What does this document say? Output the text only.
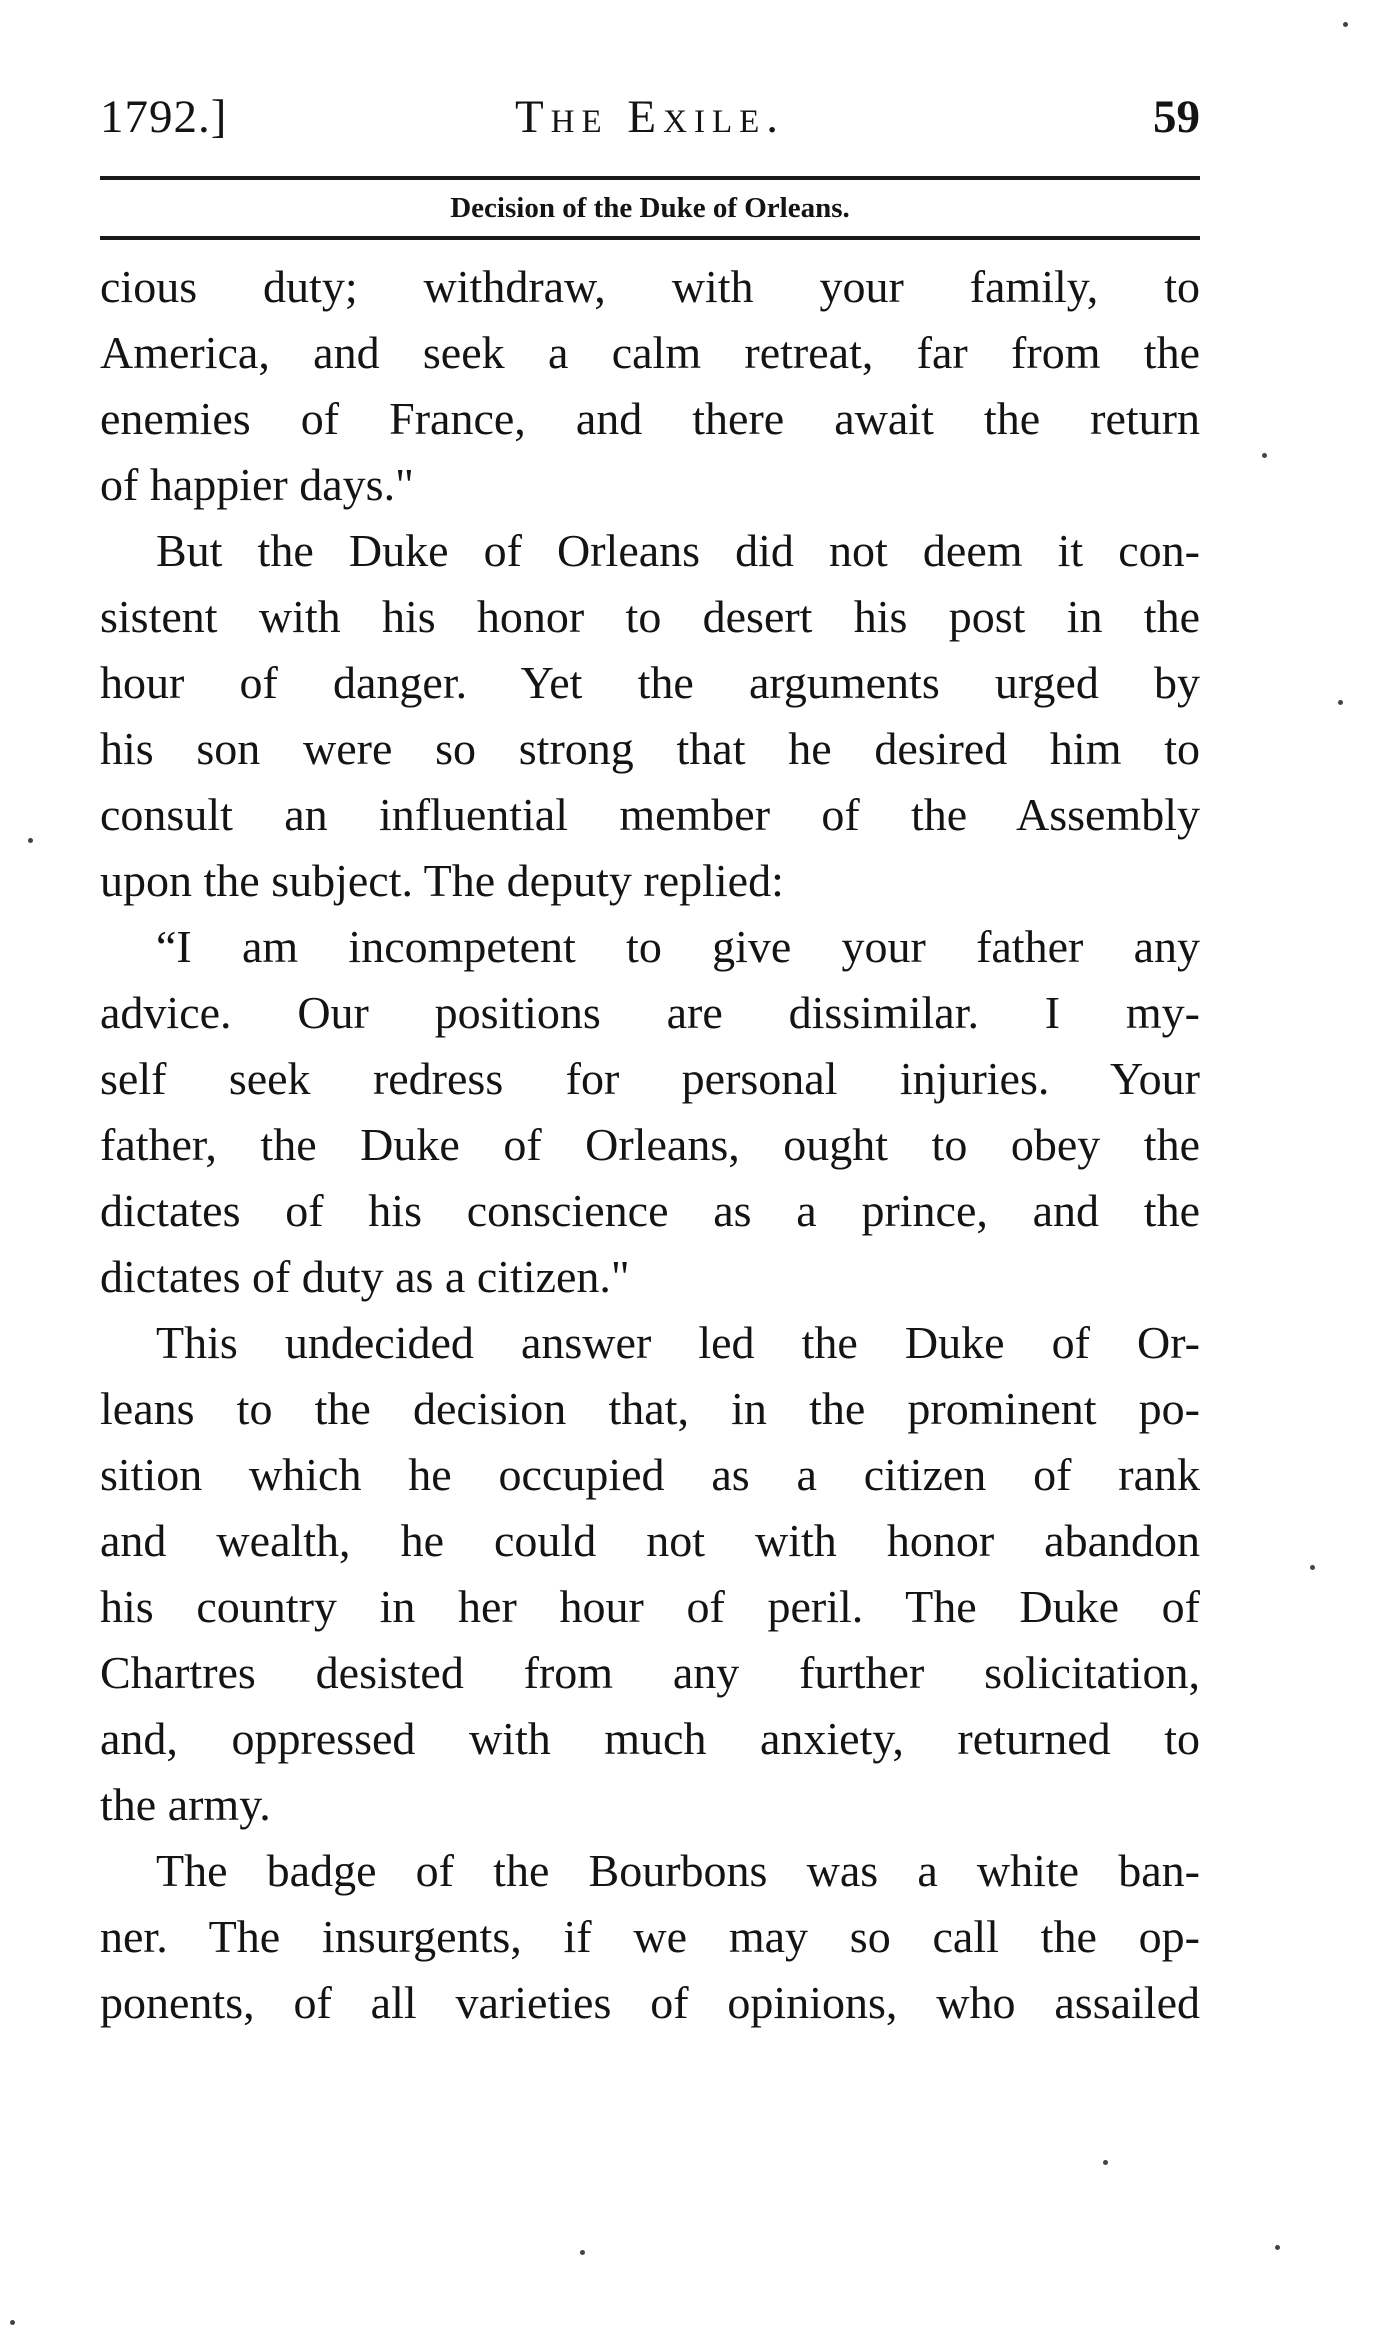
1792.]	The Exile.	59
Decision of the Duke of Orleans.
cious duty; withdraw, with your family, to
America, and seek a calm retreat, far from the
enemies of France, and there await the return
of happier days."
But the Duke of Orleans did not deem it con-
sistent with his honor to desert his post in the
hour of danger. Yet the arguments urged by
his son were so strong that he desired him to
consult an influential member of the Assembly
upon the subject. The deputy replied:
“I am incompetent to give your father any
advice. Our positions are dissimilar. I my-
self seek redress for personal injuries. Your
father, the Duke of Orleans, ought to obey the
dictates of his conscience as a prince, and the
dictates of duty as a citizen."
This undecided answer led the Duke of Or-
leans to the decision that, in the prominent po-
sition which he occupied as a citizen of rank
and wealth, he could not with honor abandon
his country in her hour of peril. The Duke of
Chartres desisted from any further solicitation,
and, oppressed with much anxiety, returned to
the army.
The badge of the Bourbons was a white ban-
ner. The insurgents, if we may so call the op-
ponents, of all varieties of opinions, who assailed
